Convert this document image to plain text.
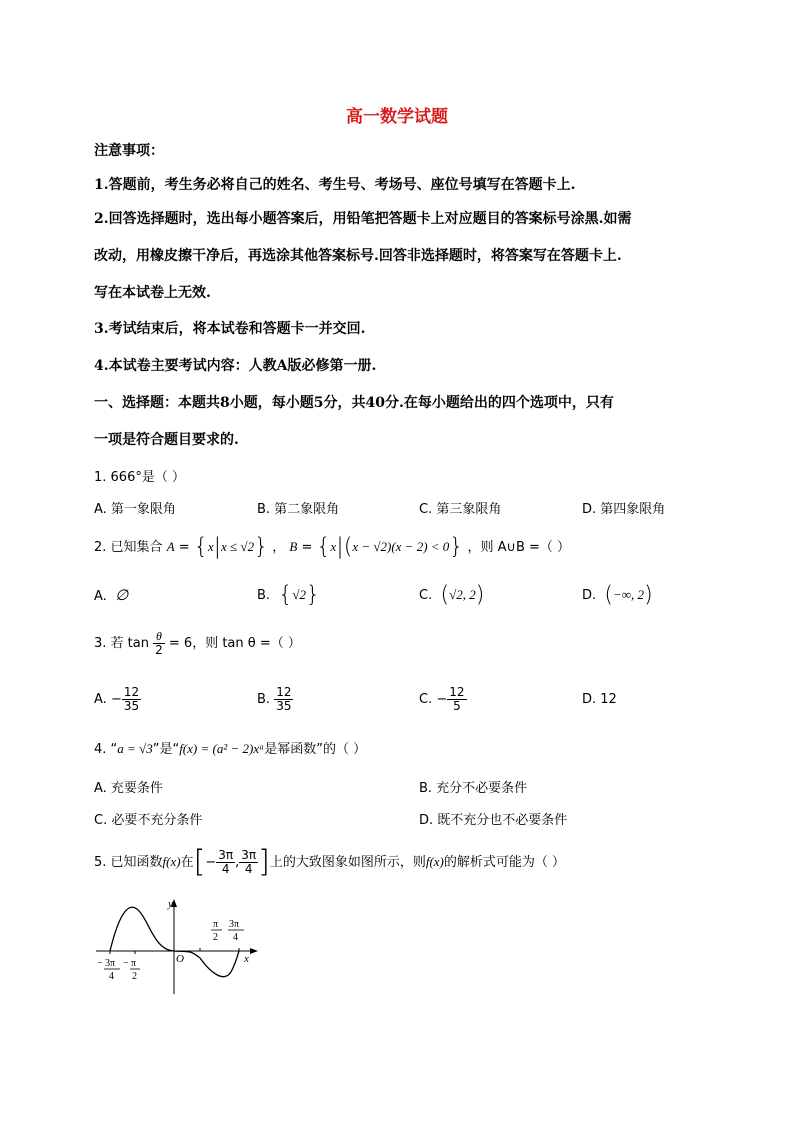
高一数学试题
注意事项：
1.答题前，考生务必将自己的姓名、考生号、考场号、座位号填写在答题卡上.
2.回答选择题时，选出每小题答案后，用铅笔把答题卡上对应题目的答案标号涂黑.如需
改动，用橡皮擦干净后，再选涂其他答案标号.回答非选择题时，将答案写在答题卡上.
写在本试卷上无效.
3.考试结束后，将本试卷和答题卡一并交回.
4.本试卷主要考试内容：人教A版必修第一册.
一、选择题：本题共8小题，每小题5分，共40分.在每小题给出的四个选项中，只有
一项是符合题目要求的.
1. 666°是（ ）
A. 第一象限角	B. 第二象限角	C. 第三象限角	D. 第四象限角
2. 已知集合 A = {x|x ≤ √2} ， B = {x|(x − √2)(x − 2) < 0} ，则 A∪B =（ ）
A. ∅	B. {√2}	C. (√2, 2)	D. (−∞, 2)
3. 若 $\tan \frac{\theta}{2} = 6$，则 tan θ =（ ）
A. − $\frac{12}{35}$	B. $\frac{12}{35}$	C. − $\frac{12}{5}$	D. 12
4. “a = √3”是“f(x) = (a² − 2)xᵃ是幂函数”的（ ）
A. 充要条件	B. 充分不必要条件
C. 必要不充分条件	D. 既不充分也不必要条件
5. 已知函数f(x)在[− $\frac{3\pi}{4}$ , $\frac{3\pi}{4}$ ]上的大致图象如图所示，则f(x)的解析式可能为（ ）
y
x
O
π
2
3π
4
− 3π
4
− π
2
